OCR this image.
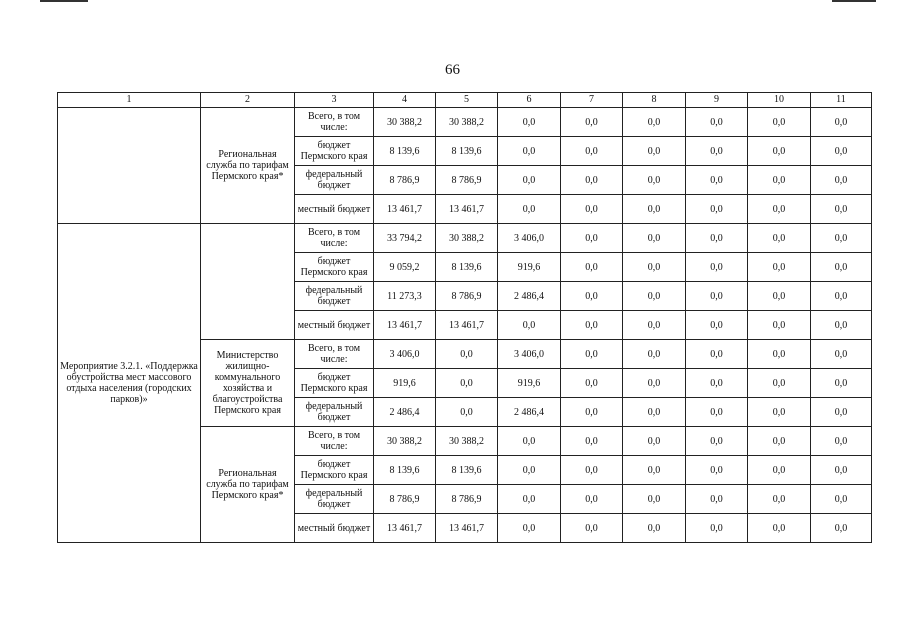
66
1	2	3	4	5	6	7	8	9	10	11
	Региональная служба по тарифам Пермского края*	Всего, в том числе:	30 388,2	30 388,2	0,0	0,0	0,0	0,0	0,0	0,0
		бюджет Пермского края	8 139,6	8 139,6	0,0	0,0	0,0	0,0	0,0	0,0
		федеральный бюджет	8 786,9	8 786,9	0,0	0,0	0,0	0,0	0,0	0,0
		местный бюджет	13 461,7	13 461,7	0,0	0,0	0,0	0,0	0,0	0,0
Мероприятие 3.2.1. «Поддержка обустройства мест массового отдыха населения (городских парков)»		Всего, в том числе:	33 794,2	30 388,2	3 406,0	0,0	0,0	0,0	0,0	0,0
		бюджет Пермского края	9 059,2	8 139,6	919,6	0,0	0,0	0,0	0,0	0,0
		федеральный бюджет	11 273,3	8 786,9	2 486,4	0,0	0,0	0,0	0,0	0,0
		местный бюджет	13 461,7	13 461,7	0,0	0,0	0,0	0,0	0,0	0,0
	Министерство жилищно-коммунального хозяйства и благоустройства Пермского края	Всего, в том числе:	3 406,0	0,0	3 406,0	0,0	0,0	0,0	0,0	0,0
		бюджет Пермского края	919,6	0,0	919,6	0,0	0,0	0,0	0,0	0,0
		федеральный бюджет	2 486,4	0,0	2 486,4	0,0	0,0	0,0	0,0	0,0
	Региональная служба по тарифам Пермского края*	Всего, в том числе:	30 388,2	30 388,2	0,0	0,0	0,0	0,0	0,0	0,0
		бюджет Пермского края	8 139,6	8 139,6	0,0	0,0	0,0	0,0	0,0	0,0
		федеральный бюджет	8 786,9	8 786,9	0,0	0,0	0,0	0,0	0,0	0,0
		местный бюджет	13 461,7	13 461,7	0,0	0,0	0,0	0,0	0,0	0,0
